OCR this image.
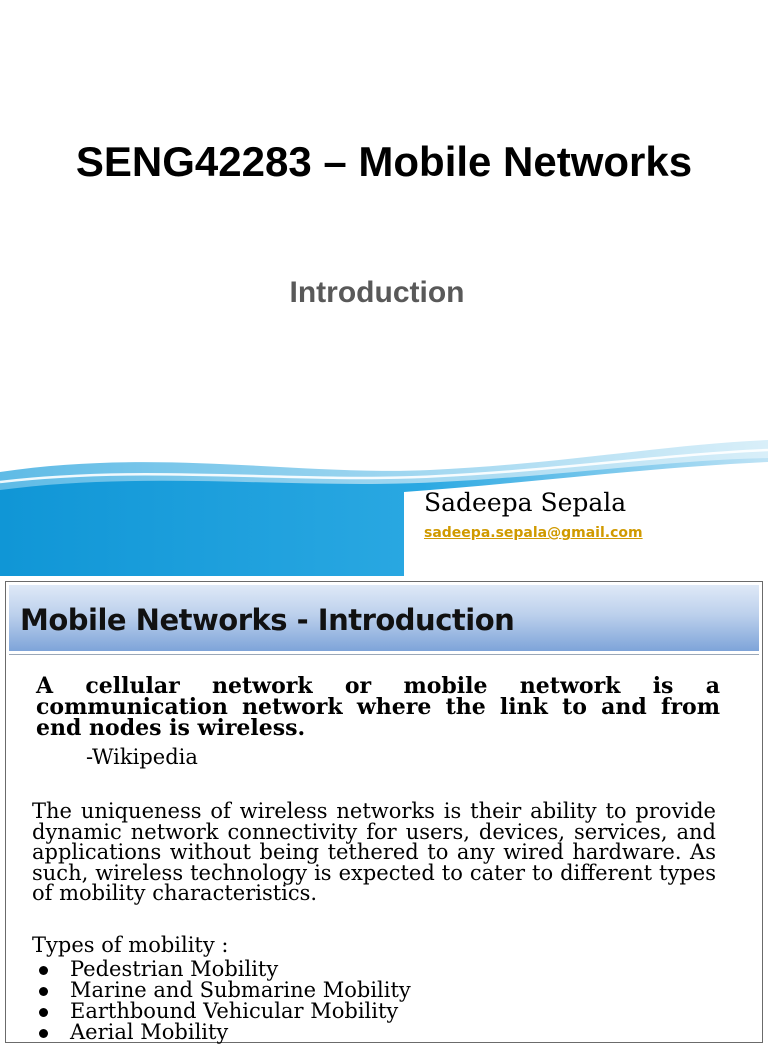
SENG42283 – Mobile Networks
Introduction
Sadeepa Sepala
sadeepa.sepala@gmail.com
Mobile Networks - Introduction
A cellular network or mobile network is a communication network where the link to and from end nodes is wireless.
-Wikipedia
The uniqueness of wireless networks is their ability to provide dynamic network connectivity for users, devices, services, and applications without being tethered to any wired hardware. As such, wireless technology is expected to cater to different types of mobility characteristics.
Types of mobility :
Pedestrian Mobility
Marine and Submarine Mobility
Earthbound Vehicular Mobility
Aerial Mobility
